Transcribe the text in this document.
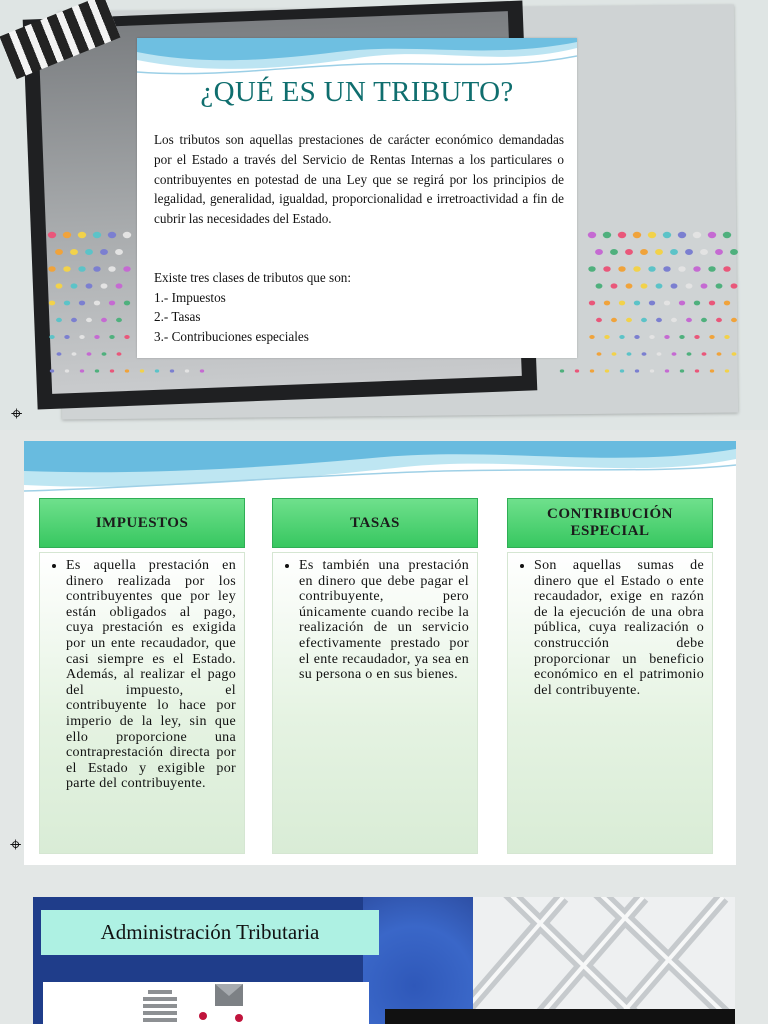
¿QUÉ ES UN TRIBUTO?
Los tributos son aquellas prestaciones de carácter económico demandadas por el Estado a través del Servicio de Rentas Internas a los particulares o contribuyentes en potestad de una Ley que se regirá por los principios de legalidad, generalidad, igualdad, proporcionalidad e irretroactividad a fin de cubrir las necesidades del Estado.

Existe tres clases de tributos que son:

1.- Impuestos

2.- Tasas

3.- Contribuciones especiales

⌖
IMPUESTOS
• Es aquella prestación en dinero realizada por los contribuyentes que por ley están obligados al pago, cuya prestación es exigida por un ente recaudador, que casi siempre es el Estado. Además, al realizar el pago del impuesto, el contribuyente lo hace por imperio de la ley, sin que ello proporcione una contraprestación directa por el Estado y exigible por parte del contribuyente.
TASAS
• Es también una prestación en dinero que debe pagar el contribuyente, pero únicamente cuando recibe la realización de un servicio efectivamente prestado por el ente recaudador, ya sea en su persona o en sus bienes.
CONTRIBUCIÓN
ESPECIAL
• Son aquellas sumas de dinero que el Estado o ente recaudador, exige en razón de la ejecución de una obra pública, cuya realización o construcción debe proporcionar un beneficio económico en el patrimonio del contribuyente.
⌖
Administración Tributaria
